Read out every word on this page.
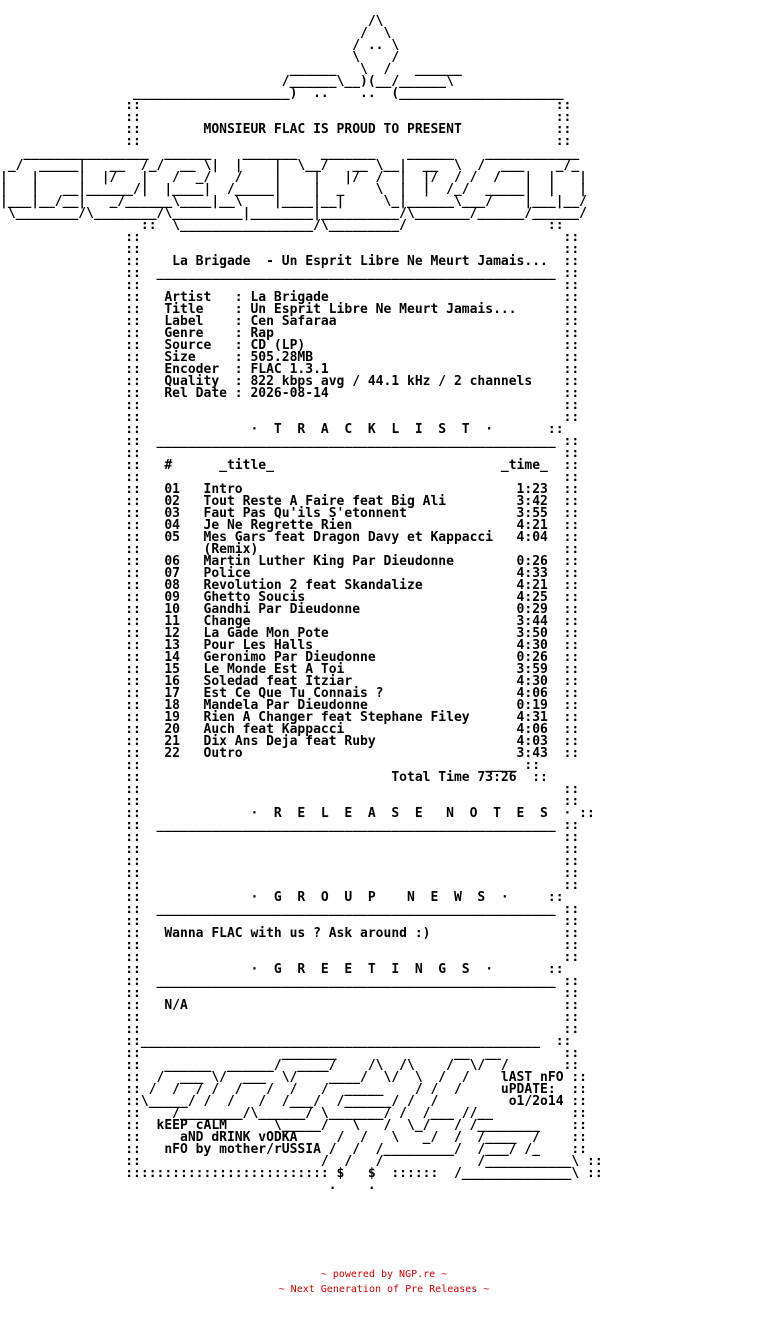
/\
/  \
/ .. \
\    /
______   \  /   ______
/______\__)(__/______\
____________________)  ..    ..  (_____________________
::                                                     ::
::                                                     ::
::        MONSIEUR FLAC IS PROUD TO PRESENT            ::
::                                                     ::
________________  ______    _______   _______    ______    ____________
_/  _____|   __  /_/  __ \|  |    |  \__/   __ \__|  __  \  /  ___    _/_
|   |     |  |/   |   /  _/   /    |    |   |/  /  |  |/  / /  /   |  |   |
|   |   __|______/|  |____|  /_____|    |  _    \  |  |  /_/  _____|  |   |
|___|__/__|   _/______\____|__\    |____|__|     \_|______\___/    |___|__/
\________/\________/\_________|________|__________/\_______/______/______/
::  \_________________/\_________/                  ::
::                                                      ::
::                                                      ::
::    La Brigade  - Un Esprit Libre Ne Meurt Jamais...  ::
::  ___________________________________________________ ::
::                                                      ::
::   Artist   : La Brigade                              ::
::   Title    : Un Esprit Libre Ne Meurt Jamais...      ::
::   Label    : Cen Safaraa                             ::
::   Genre    : Rap                                     ::
::   Source   : CD (LP)                                 ::
::   Size     : 505.28MB                                ::
::   Encoder  : FLAC 1.3.1                              ::
::   Quality  : 822 kbps avg / 44.1 kHz / 2 channels    ::
::   Rel Date : 2026-08-14                              ::
::                                                      ::
::                                                      ::
::              ·  T  R  A  C  K  L  I  S  T  ·       ::
::  ___________________________________________________ ::
::                                                      ::
::   #      _title_                             _time_  ::
::                                                      ::
::   01   Intro                                   1:23  ::
::   02   Tout Reste A Faire feat Big Ali         3:42  ::
::   03   Faut Pas Qu'ils S'etonnent              3:55  ::
::   04   Je Ne Regrette Rien                     4:21  ::
::   05   Mes Gars feat Dragon Davy et Kappacci   4:04  ::
::        (Remix)                                       ::
::   06   Martin Luther King Par Dieudonne        0:26  ::
::   07   Police                                  4:33  ::
::   08   Revolution 2 feat Skandalize            4:21  ::
::   09   Ghetto Soucis                           4:25  ::
::   10   Gandhi Par Dieudonne                    0:29  ::
::   11   Change                                  3:44  ::
::   12   La Gade Mon Pote                        3:50  ::
::   13   Pour Les Halls                          4:30  ::
::   14   Geronimo Par Dieudonne                  0:26  ::
::   15   Le Monde Est A Toi                      3:59  ::
::   16   Soledad feat Itziar                     4:30  ::
::   17   Est Ce Que Tu Connais ?                 4:06  ::
::   18   Mandela Par Dieudonne                   0:19  ::
::   19   Rien A Changer feat Stephane Filey      4:31  ::
::   20   Auch feat Kappacci                      4:06  ::
::   21   Dix Ans Deja feat Ruby                  4:03  ::
::   22   Outro                                   3:43  ::
::                                            ____ ::
::                                Total Time 73:26  ::
::                                                      ::
::                                                      ::
::              ·  R  E  L  E  A  S  E   N  O  T  E  S  · ::
::  ___________________________________________________ ::
::                                                      ::
::                                                      ::
::                                                      ::
::                                                      ::
::                                                      ::
::              ·  G  R  O  U  P    N  E  W  S  ·     ::
::  ___________________________________________________ ::
::                                                      ::
::   Wanna FLAC with us ? Ask around :)                 ::
::                                                      ::
::                                                      ::
::              ·  G  R  E  E  T  I  N  G  S  ·       ::
::  ___________________________________________________ ::
::                                                      ::
::   N/A                                                ::
::                                                      ::
::                                                      ::
::___________________________________________________  ::
::                  _______               __  __        ::
::   ______  ______/  ____/    /\  /\    /  \/  /       ::
::  /  ___ \/  ___  \/    ____/  \/  \  /  /    lAST nFO ::
:: /  /  / /  /   /  /   /  _____    / /  /     uPDATE:  ::
::\_____/ /  /   /  /___/  /______/ /  /         o1/2o14 ::
::    /________/\______/ \_______/ /  /___ //__          ::
::  kEEP cALM      \_____/   \   /  \_/   / /________    ::
::     aND dRINK vODKA     /  /   \   _/  /  /____  /    ::
::   nFO by mother/rUSSIA /  /  /_________/  /___/ /_    ::
::                       /  /   /            /___________\ ::
:::::::::::::::::::::::::: $   $  ::::::  /______________\ ::
.    .
~ powered by NGP.re ~
~ Next Generation of Pre Releases ~
